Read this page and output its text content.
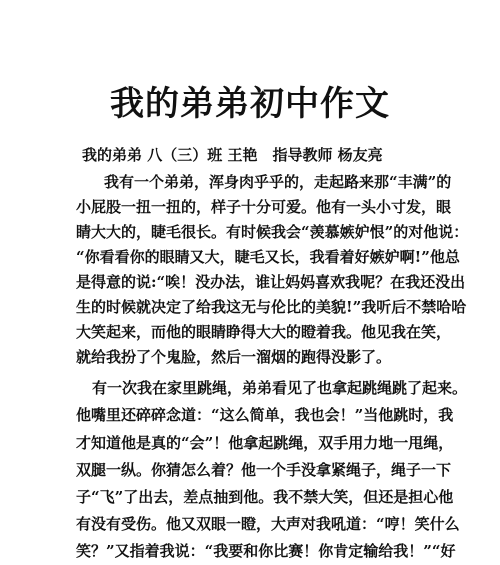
我的弟弟初中作文
我的弟弟 八（三）班 王艳　指导教师 杨友亮
我有一个弟弟，浑身肉乎乎的，走起路来那“丰满”的
小屁股一扭一扭的，样子十分可爱。他有一头小寸发，眼
睛大大的，睫毛很长。有时候我会“羡慕嫉妒恨”的对他说：
“你看看你的眼睛又大，睫毛又长，我看着好嫉妒啊!”他总
是得意的说:“唉！没办法，谁让妈妈喜欢我呢？在我还没出
生的时候就决定了给我这无与伦比的美貌!”我听后不禁哈哈
大笑起来，而他的眼睛睁得大大的瞪着我。他见我在笑，
就给我扮了个鬼脸，然后一溜烟的跑得没影了。
有一次我在家里跳绳，弟弟看见了也拿起跳绳跳了起来。
他嘴里还碎碎念道：“这么简单，我也会！”当他跳时，我
才知道他是真的“会”！他拿起跳绳，双手用力地一甩绳，
双腿一纵。你猜怎么着？他一个手没拿紧绳子，绳子一下
子“飞”了出去，差点抽到他。我不禁大笑，但还是担心他
有没有受伤。他又双眼一瞪，大声对我吼道：“哼！笑什么
笑？”又指着我说：“我要和你比赛！你肯定输给我！”“好
